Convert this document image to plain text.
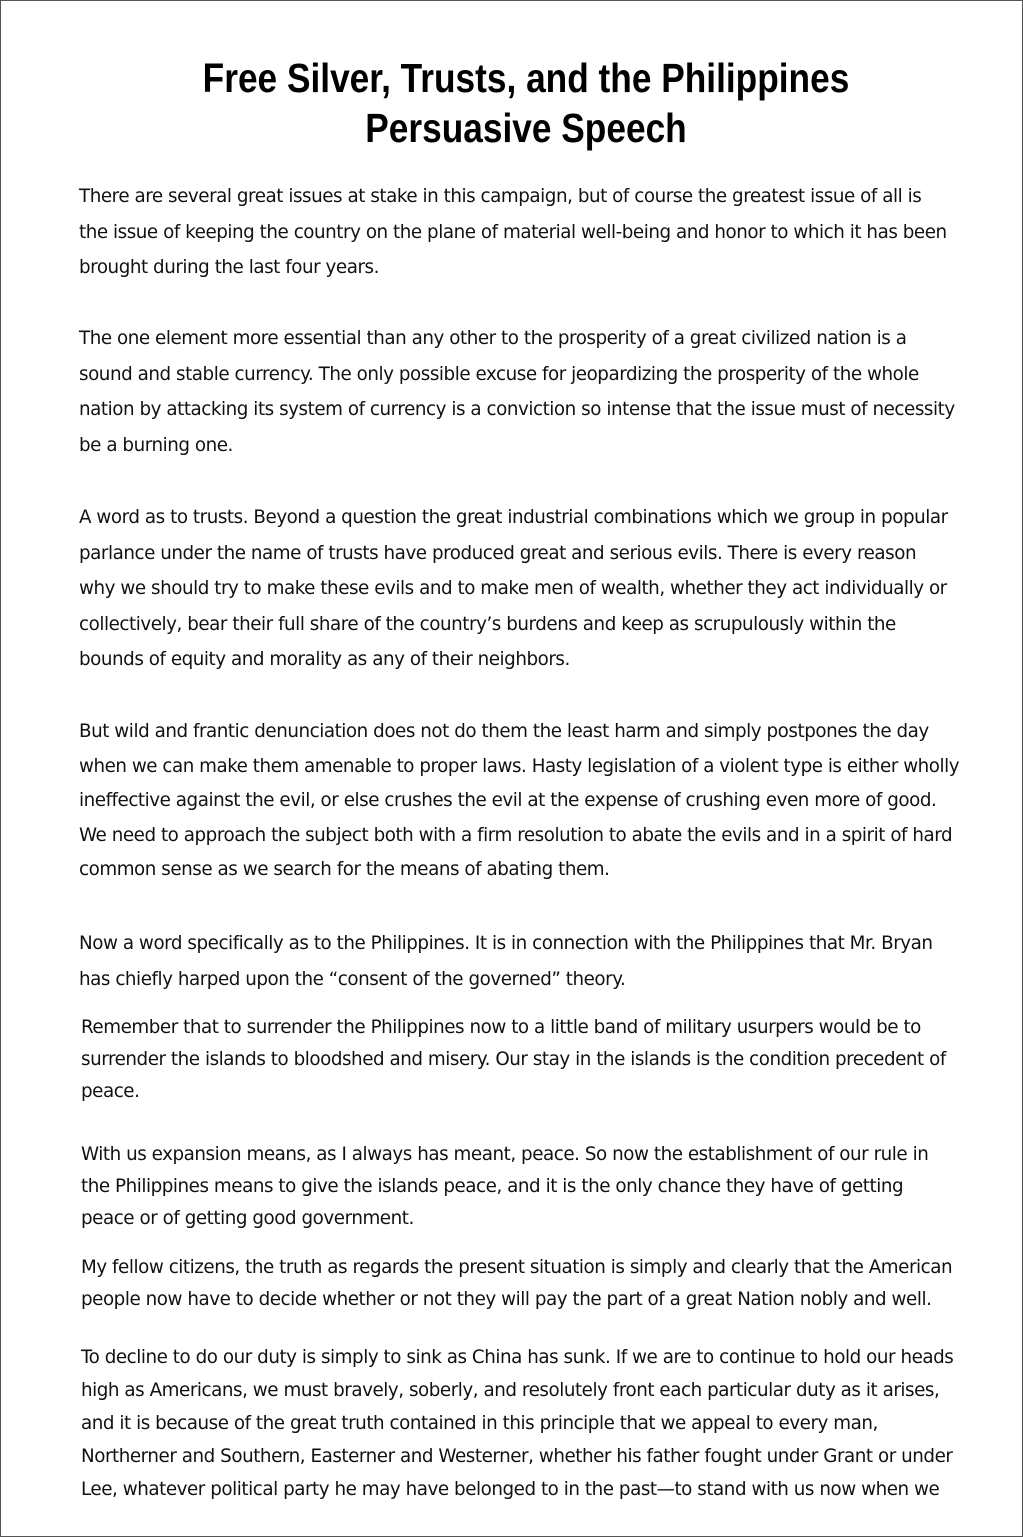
Free Silver, Trusts, and the Philippines Persuasive Speech

There are several great issues at stake in this campaign, but of course the greatest issue of all is
the issue of keeping the country on the plane of material well-being and honor to which it has been
brought during the last four years.

The one element more essential than any other to the prosperity of a great civilized nation is a
sound and stable currency. The only possible excuse for jeopardizing the prosperity of the whole
nation by attacking its system of currency is a conviction so intense that the issue must of necessity
be a burning one.

A word as to trusts. Beyond a question the great industrial combinations which we group in popular
parlance under the name of trusts have produced great and serious evils. There is every reason
why we should try to make these evils and to make men of wealth, whether they act individually or
collectively, bear their full share of the country’s burdens and keep as scrupulously within the
bounds of equity and morality as any of their neighbors.

But wild and frantic denunciation does not do them the least harm and simply postpones the day
when we can make them amenable to proper laws. Hasty legislation of a violent type is either wholly
ineffective against the evil, or else crushes the evil at the expense of crushing even more of good.
We need to approach the subject both with a firm resolution to abate the evils and in a spirit of hard
common sense as we search for the means of abating them.

Now a word specifically as to the Philippines. It is in connection with the Philippines that Mr. Bryan
has chiefly harped upon the “consent of the governed” theory.

Remember that to surrender the Philippines now to a little band of military usurpers would be to
surrender the islands to bloodshed and misery. Our stay in the islands is the condition precedent of
peace.

With us expansion means, as I always has meant, peace. So now the establishment of our rule in
the Philippines means to give the islands peace, and it is the only chance they have of getting
peace or of getting good government.

My fellow citizens, the truth as regards the present situation is simply and clearly that the American
people now have to decide whether or not they will pay the part of a great Nation nobly and well.

To decline to do our duty is simply to sink as China has sunk. If we are to continue to hold our heads
high as Americans, we must bravely, soberly, and resolutely front each particular duty as it arises,
and it is because of the great truth contained in this principle that we appeal to every man,
Northerner and Southern, Easterner and Westerner, whether his father fought under Grant or under
Lee, whatever political party he may have belonged to in the past—to stand with us now when we
